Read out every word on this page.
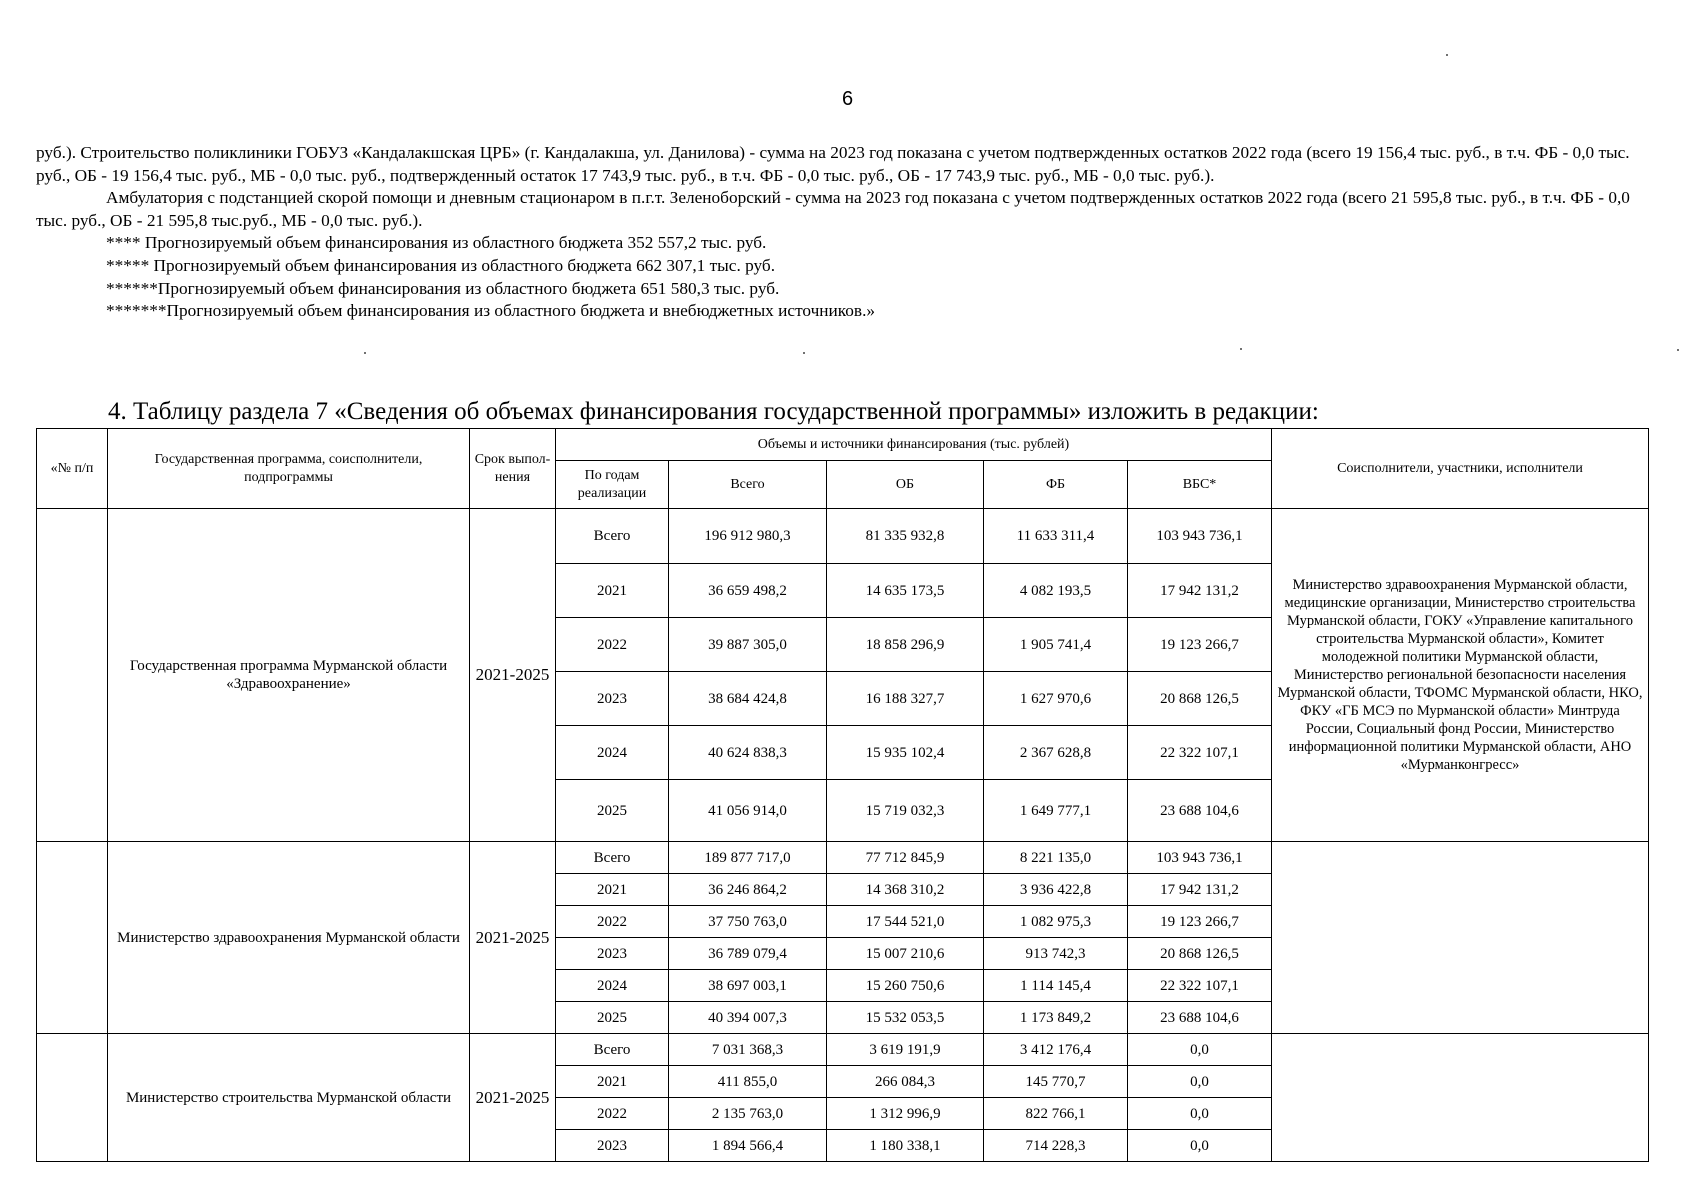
6

руб.). Строительство поликлиники ГОБУЗ «Кандалакшская ЦРБ» (г. Кандалакша, ул. Данилова) - сумма на 2023 год показана с учетом подтвержденных остатков 2022 года (всего 19 156,4 тыс. руб., в т.ч. ФБ - 0,0 тыс. руб., ОБ - 19 156,4 тыс. руб., МБ - 0,0 тыс. руб., подтвержденный остаток 17 743,9 тыс. руб., в т.ч. ФБ - 0,0 тыс. руб., ОБ - 17 743,9 тыс. руб., МБ - 0,0 тыс. руб.).

Амбулатория с подстанцией скорой помощи и дневным стационаром в п.г.т. Зеленоборский - сумма на 2023 год показана с учетом подтвержденных остатков 2022 года (всего 21 595,8 тыс. руб., в т.ч. ФБ - 0,0 тыс. руб., ОБ - 21 595,8 тыс.руб., МБ - 0,0 тыс. руб.).

**** Прогнозируемый объем финансирования из областного бюджета 352 557,2 тыс. руб.

***** Прогнозируемый объем финансирования из областного бюджета 662 307,1 тыс. руб.

******Прогнозируемый объем финансирования из областного бюджета 651 580,3 тыс. руб.

*******Прогнозируемый объем финансирования из областного бюджета и внебюджетных источников.»

4. Таблицу раздела 7 «Сведения об объемах финансирования государственной программы» изложить в редакции:
«№ п/п	Государственная программа, соисполнители, подпрограммы	Срок выпол-нения	Объемы и источники финансирования (тыс. рублей)					Соисполнители, участники, исполнители
			По годам реализации	Всего	ОБ	ФБ	ВБС*	
	Государственная программа Мурманской области «Здравоохранение»	2021-2025	Всего	196 912 980,3	81 335 932,8	11 633 311,4	103 943 736,1	Министерство здравоохранения Мурманской области, медицинские организации, Министерство строительства Мурманской области, ГОКУ «Управление капитального строительства Мурманской области», Комитет молодежной политики Мурманской области, Министерство региональной безопасности населения Мурманской области, ТФОМС Мурманской области, НКО, ФКУ «ГБ МСЭ по Мурманской области» Минтруда России, Социальный фонд России, Министерство информационной политики Мурманской области, АНО «Мурманконгресс»
			2021	36 659 498,2	14 635 173,5	4 082 193,5	17 942 131,2	
			2022	39 887 305,0	18 858 296,9	1 905 741,4	19 123 266,7	
			2023	38 684 424,8	16 188 327,7	1 627 970,6	20 868 126,5	
			2024	40 624 838,3	15 935 102,4	2 367 628,8	22 322 107,1	
			2025	41 056 914,0	15 719 032,3	1 649 777,1	23 688 104,6	
	Министерство здравоохранения Мурманской области	2021-2025	Всего	189 877 717,0	77 712 845,9	8 221 135,0	103 943 736,1	
			2021	36 246 864,2	14 368 310,2	3 936 422,8	17 942 131,2	
			2022	37 750 763,0	17 544 521,0	1 082 975,3	19 123 266,7	
			2023	36 789 079,4	15 007 210,6	913 742,3	20 868 126,5	
			2024	38 697 003,1	15 260 750,6	1 114 145,4	22 322 107,1	
			2025	40 394 007,3	15 532 053,5	1 173 849,2	23 688 104,6	
	Министерство строительства Мурманской области	2021-2025	Всего	7 031 368,3	3 619 191,9	3 412 176,4	0,0	
			2021	411 855,0	266 084,3	145 770,7	0,0	
			2022	2 135 763,0	1 312 996,9	822 766,1	0,0	
			2023	1 894 566,4	1 180 338,1	714 228,3	0,0	
